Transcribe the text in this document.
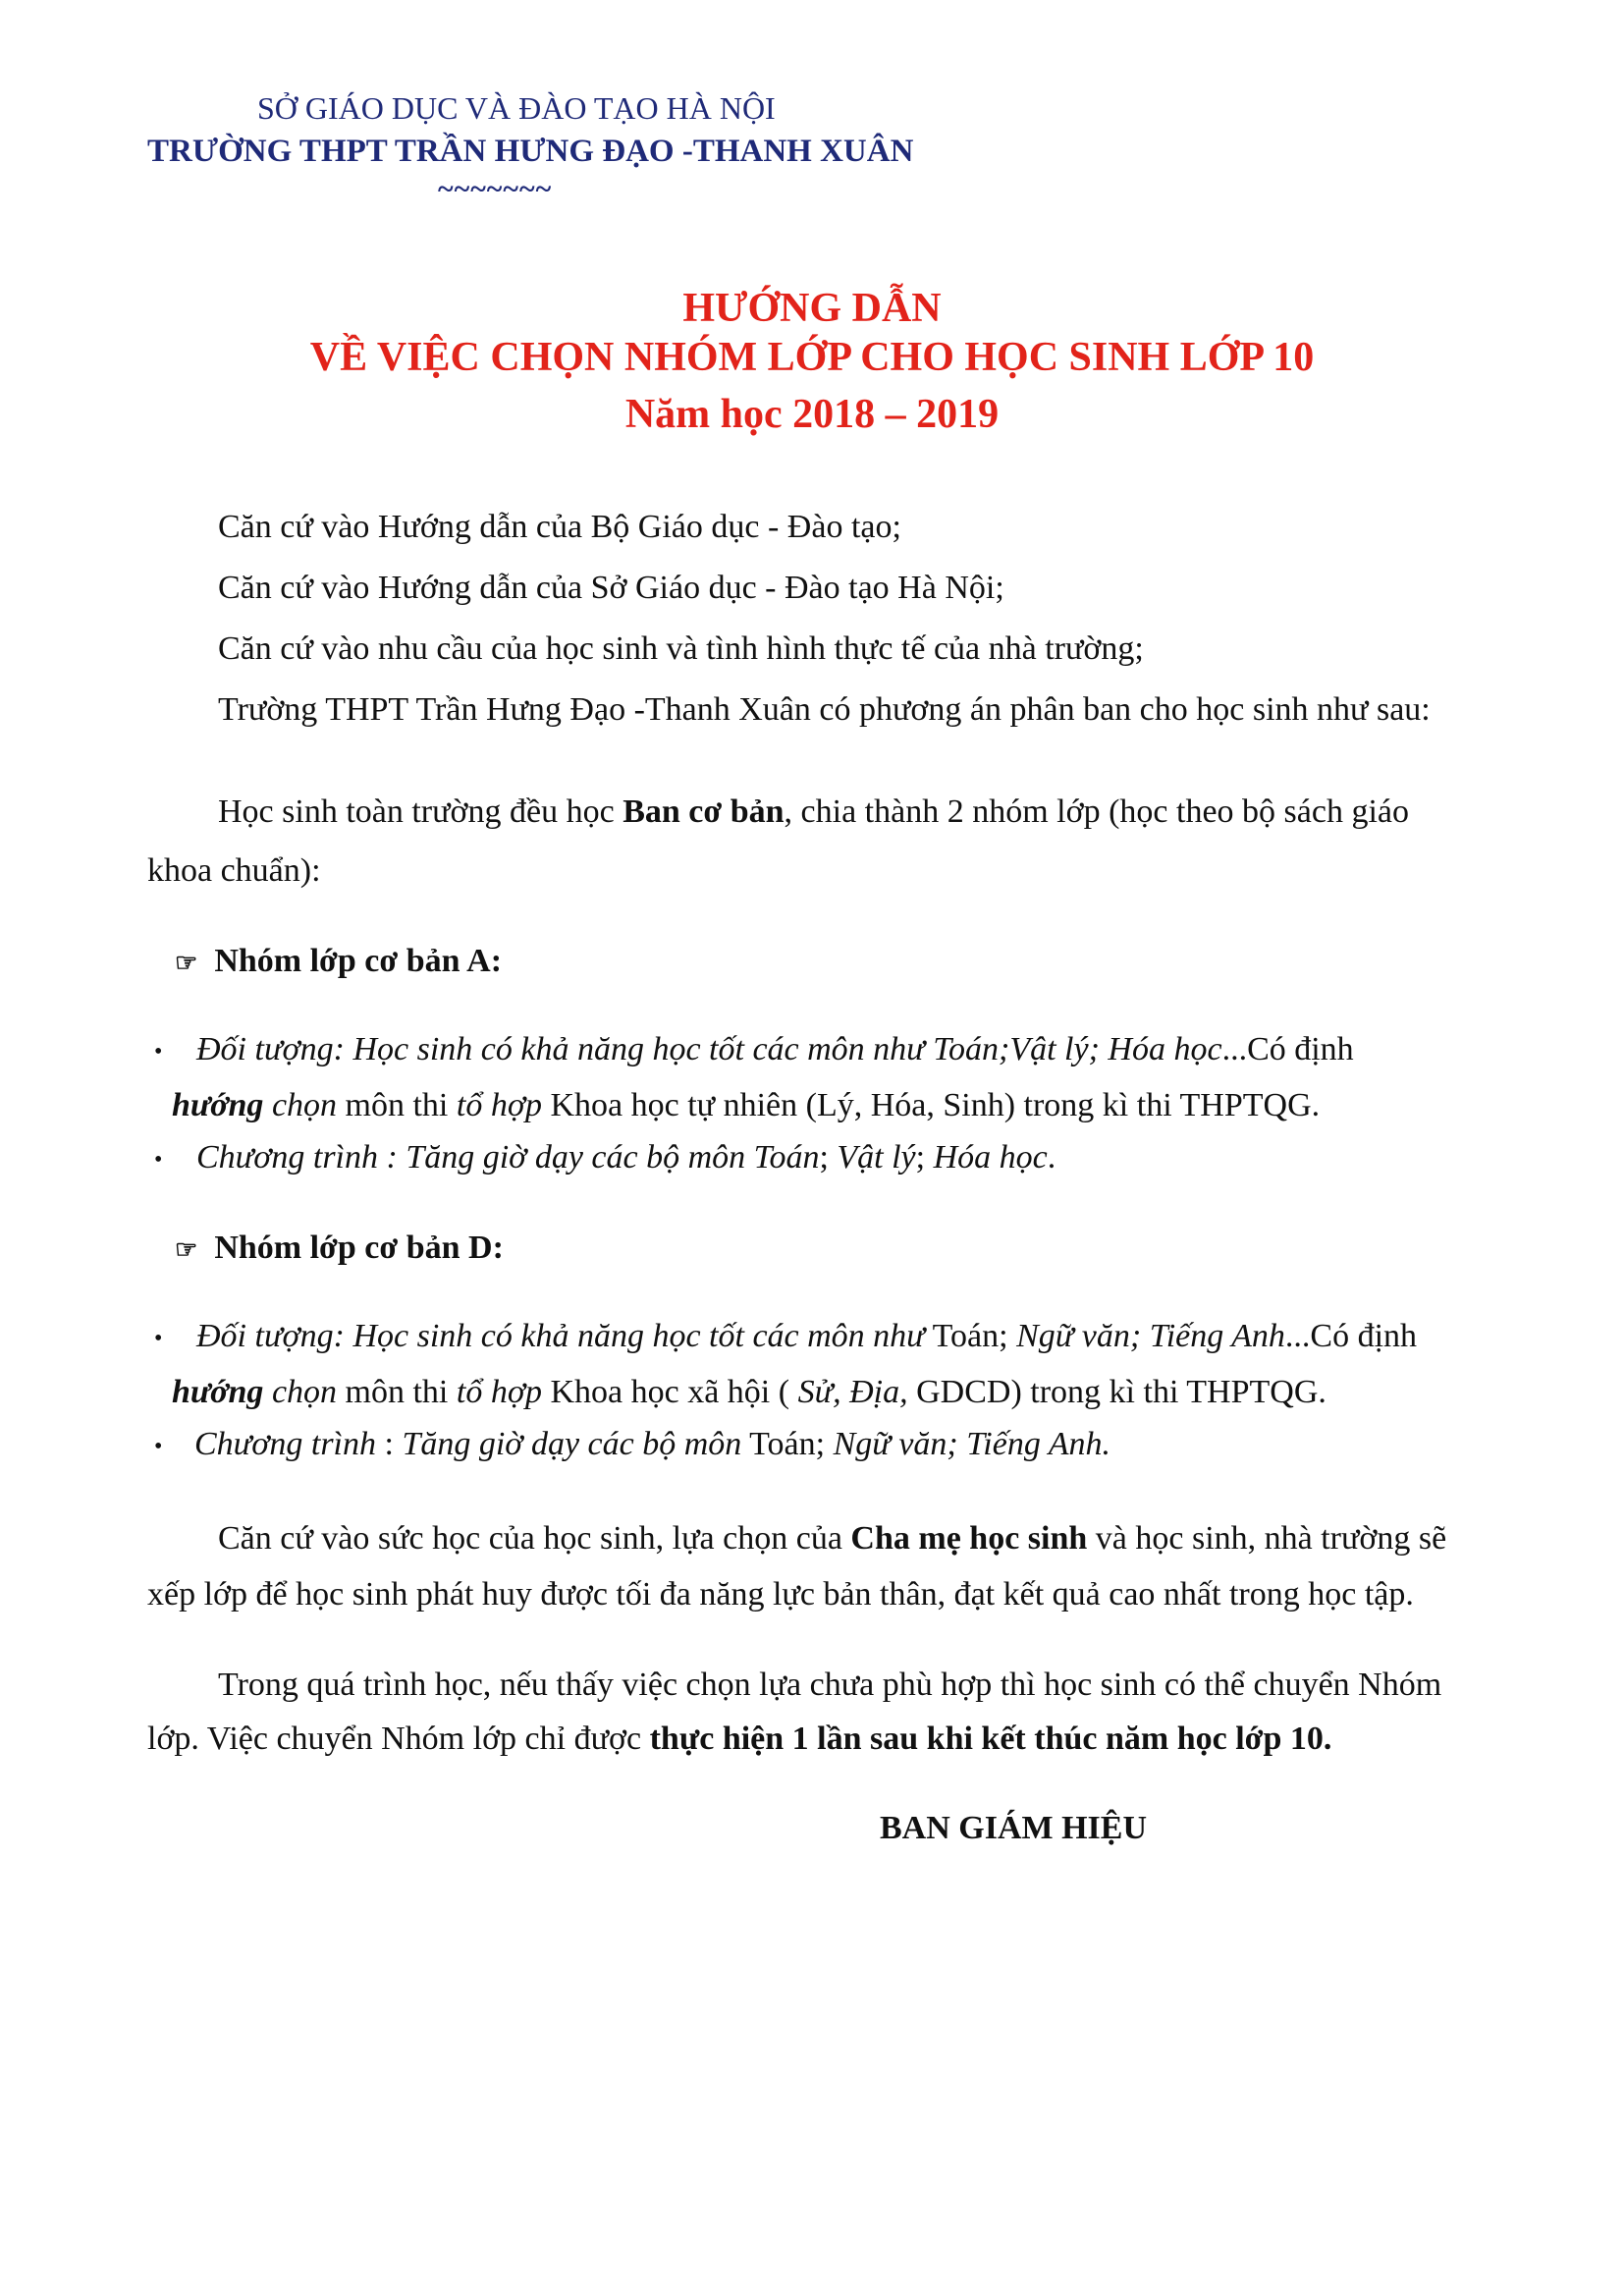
SỞ GIÁO DỤC VÀ ĐÀO TẠO HÀ NỘI
TRƯỜNG THPT TRẦN HƯNG ĐẠO -THANH XUÂN
~~~~~~~
HƯỚNG DẪN
VỀ VIỆC CHỌN NHÓM LỚP CHO HỌC SINH LỚP 10
Năm học 2018 – 2019
Căn cứ vào Hướng dẫn của Bộ Giáo dục - Đào tạo;
Căn cứ vào Hướng dẫn của Sở Giáo dục - Đào tạo Hà Nội;
Căn cứ vào nhu cầu của học sinh và tình hình thực tế của nhà trường;
Trường THPT Trần Hưng Đạo -Thanh Xuân có phương án phân ban cho học sinh như sau:
Học sinh toàn trường đều học Ban cơ bản, chia thành 2 nhóm lớp (học theo bộ sách giáo
khoa chuẩn):
☞ Nhóm lớp cơ bản A:
• Đối tượng: Học sinh có khả năng học tốt các môn như Toán;Vật lý; Hóa học...Có định
hướng chọn môn thi tổ hợp Khoa học tự nhiên (Lý, Hóa, Sinh) trong kì thi THPTQG.
• Chương trình : Tăng giờ dạy các bộ môn Toán; Vật lý; Hóa học.
☞ Nhóm lớp cơ bản D:
• Đối tượng: Học sinh có khả năng học tốt các môn như Toán; Ngữ văn; Tiếng Anh...Có định
hướng chọn môn thi tổ hợp Khoa học xã hội ( Sử, Địa, GDCD) trong kì thi THPTQG.
• Chương trình : Tăng giờ dạy các bộ môn Toán; Ngữ văn; Tiếng Anh.
Căn cứ vào sức học của học sinh, lựa chọn của Cha mẹ học sinh và học sinh, nhà trường sẽ
xếp lớp để học sinh phát huy được tối đa năng lực bản thân, đạt kết quả cao nhất trong học tập.
Trong quá trình học, nếu thấy việc chọn lựa chưa phù hợp thì học sinh có thể chuyển Nhóm
lớp. Việc chuyển Nhóm lớp chỉ được thực hiện 1 lần sau khi kết thúc năm học lớp 10.
BAN GIÁM HIỆU
